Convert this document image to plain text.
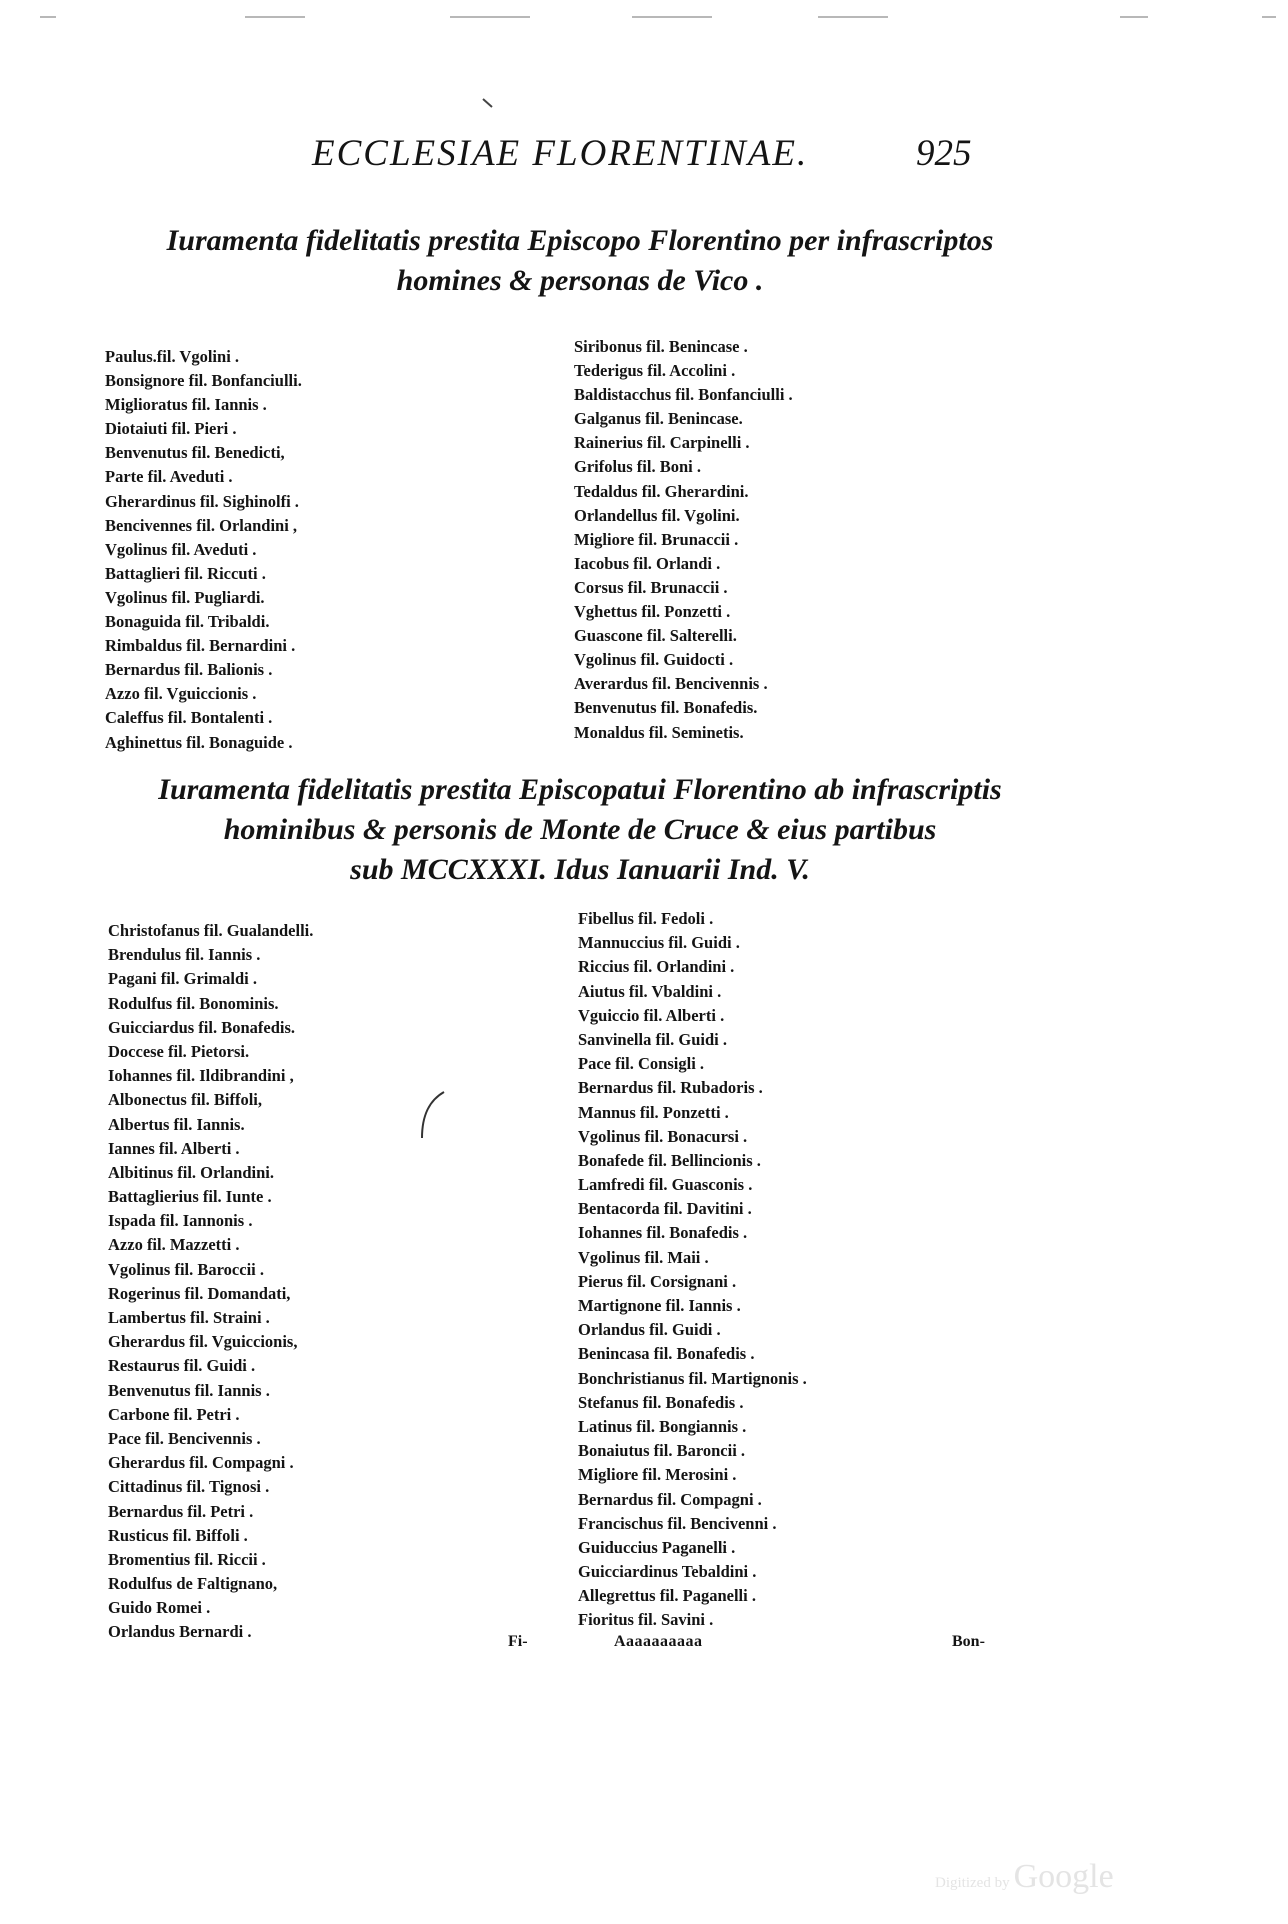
ECCLESIAE FLORENTINAE.	925
Iuramenta fidelitatis prestita Episcopo Florentino per infrascriptos
homines & personas de Vico .
Paulus.fil. Vgolini .
Bonsignore fil. Bonfanciulli.
Miglioratus fil. Iannis .
Diotaiuti fil. Pieri .
Benvenutus fil. Benedicti,
Parte fil. Aveduti .
Gherardinus fil. Sighinolfi .
Bencivennes fil. Orlandini ,
Vgolinus fil. Aveduti .
Battaglieri fil. Riccuti .
Vgolinus fil. Pugliardi.
Bonaguida fil. Tribaldi.
Rimbaldus fil. Bernardini .
Bernardus fil. Balionis .
Azzo fil. Vguiccionis .
Caleffus fil. Bontalenti .
Aghinettus fil. Bonaguide .
Siribonus fil. Benincase .
Tederigus fil. Accolini .
Baldistacchus fil. Bonfanciulli .
Galganus fil. Benincase.
Rainerius fil. Carpinelli .
Grifolus fil. Boni .
Tedaldus fil. Gherardini.
Orlandellus fil. Vgolini.
Migliore fil. Brunaccii .
Iacobus fil. Orlandi .
Corsus fil. Brunaccii .
Vghettus fil. Ponzetti .
Guascone fil. Salterelli.
Vgolinus fil. Guidocti .
Averardus fil. Bencivennis .
Benvenutus fil. Bonafedis.
Monaldus fil. Seminetis.
Iuramenta fidelitatis prestita Episcopatui Florentino ab infrascriptis
hominibus & personis de Monte de Cruce & eius partibus
sub MCCXXXI. Idus Ianuarii Ind. V.
Christofanus fil. Gualandelli.
Brendulus fil. Iannis .
Pagani fil. Grimaldi .
Rodulfus fil. Bonominis.
Guicciardus fil. Bonafedis.
Doccese fil. Pietorsi.
Iohannes fil. Ildibrandini ,
Albonectus fil. Biffoli,
Albertus fil. Iannis.
Iannes fil. Alberti .
Albitinus fil. Orlandini.
Battaglierius fil. Iunte .
Ispada fil. Iannonis .
Azzo fil. Mazzetti .
Vgolinus fil. Baroccii .
Rogerinus fil. Domandati,
Lambertus fil. Straini .
Gherardus fil. Vguiccionis,
Restaurus fil. Guidi .
Benvenutus fil. Iannis .
Carbone fil. Petri .
Pace fil. Bencivennis .
Gherardus fil. Compagni .
Cittadinus fil. Tignosi .
Bernardus fil. Petri .
Rusticus fil. Biffoli .
Bromentius fil. Riccii .
Rodulfus de Faltignano,
Guido Romei .
Orlandus Bernardi .
Fibellus fil. Fedoli .
Mannuccius fil. Guidi .
Riccius fil. Orlandini .
Aiutus fil. Vbaldini .
Vguiccio fil. Alberti .
Sanvinella fil. Guidi .
Pace fil. Consigli .
Bernardus fil. Rubadoris .
Mannus fil. Ponzetti .
Vgolinus fil. Bonacursi .
Bonafede fil. Bellincionis .
Lamfredi fil. Guasconis .
Bentacorda fil. Davitini .
Iohannes fil. Bonafedis .
Vgolinus fil. Maii .
Pierus fil. Corsignani .
Martignone fil. Iannis .
Orlandus fil. Guidi .
Benincasa fil. Bonafedis .
Bonchristianus fil. Martignonis .
Stefanus fil. Bonafedis .
Latinus fil. Bongiannis .
Bonaiutus fil. Baroncii .
Migliore fil. Merosini .
Bernardus fil. Compagni .
Francischus fil. Bencivenni .
Guiduccius Paganelli .
Guicciardinus Tebaldini .
Allegrettus fil. Paganelli .
Fioritus fil. Savini .
Fi-	Aaaaaaaaaa	Bon-
Digitized by Google
